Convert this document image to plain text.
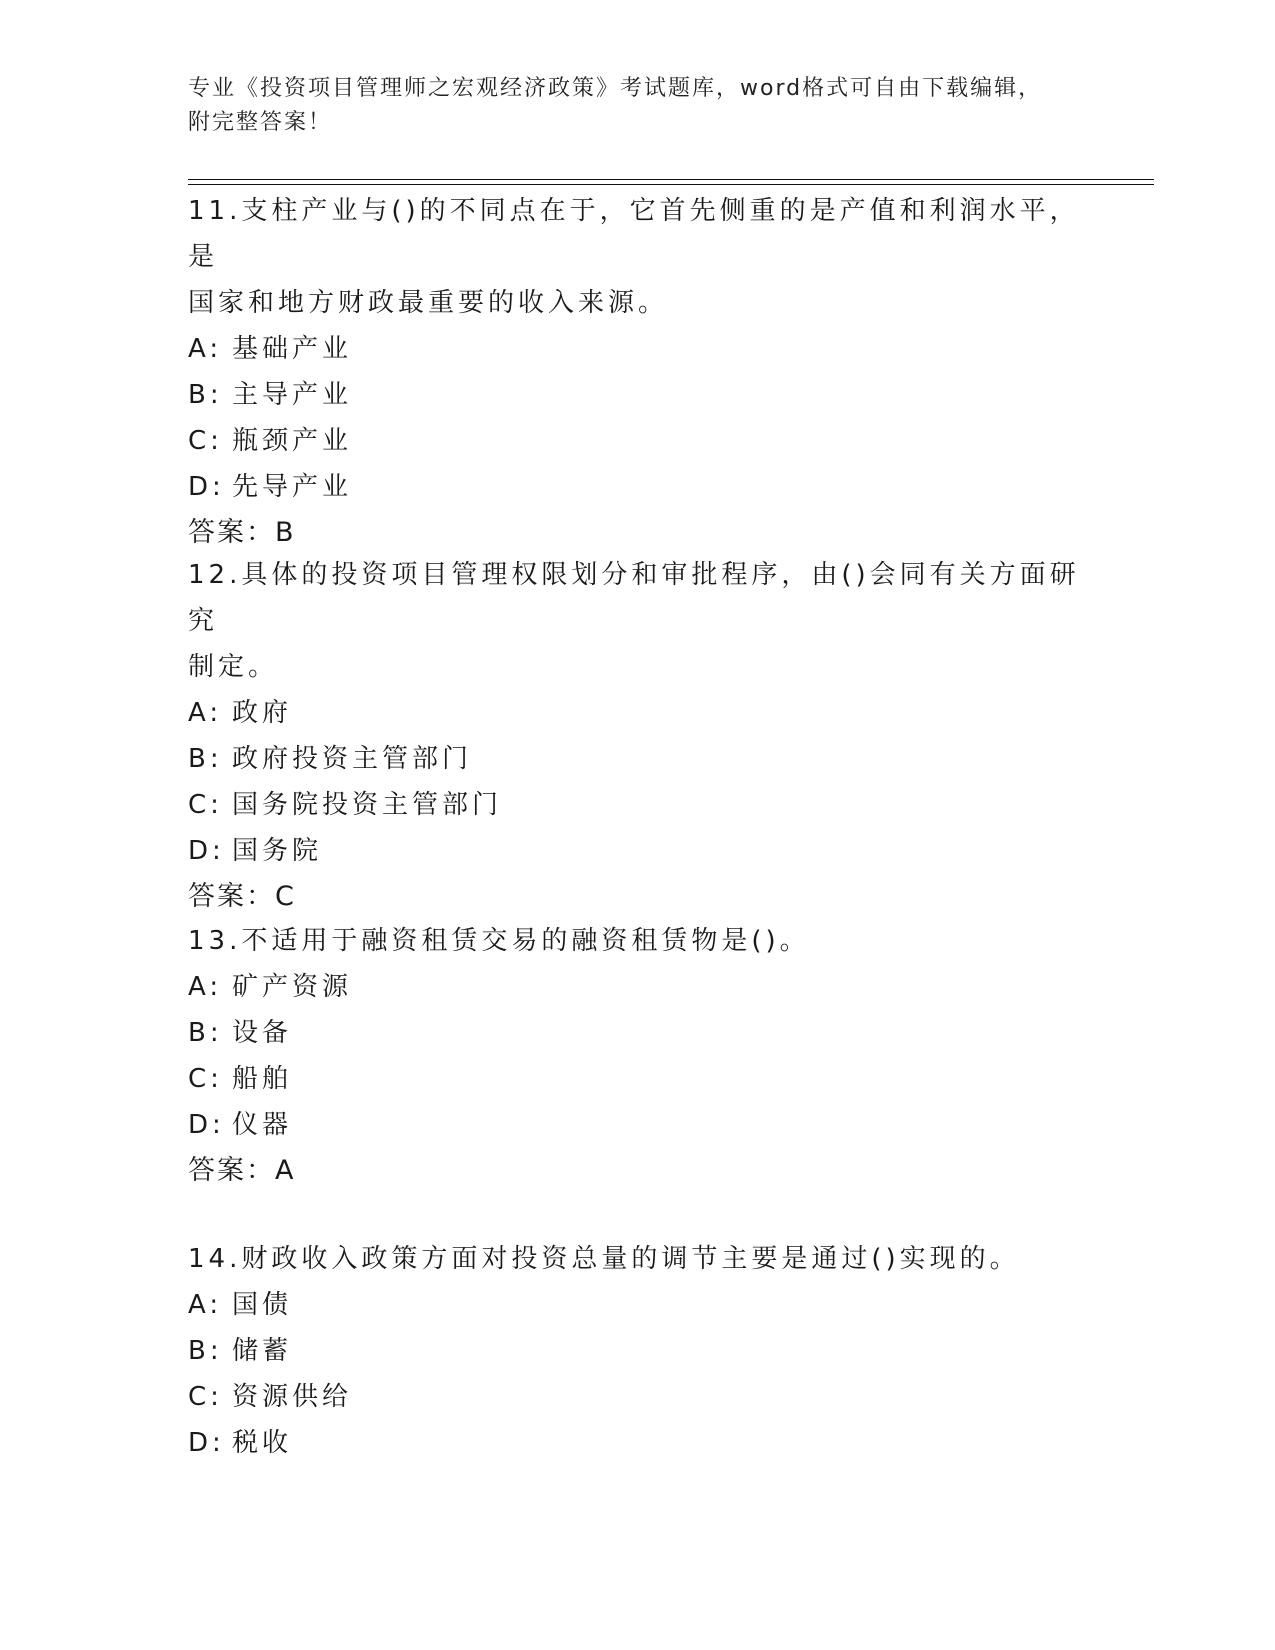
专业《投资项目管理师之宏观经济政策》考试题库，word格式可自由下载编辑，
附完整答案！

11.支柱产业与()的不同点在于，它首先侧重的是产值和利润水平，是

国家和地方财政最重要的收入来源。

A: 基础产业

B: 主导产业

C: 瓶颈产业

D: 先导产业

答案：B

12.具体的投资项目管理权限划分和审批程序，由()会同有关方面研究

制定。

A: 政府

B: 政府投资主管部门

C: 国务院投资主管部门

D: 国务院

答案：C

13.不适用于融资租赁交易的融资租赁物是()。

A: 矿产资源

B: 设备

C: 船舶

D: 仪器

答案：A

14.财政收入政策方面对投资总量的调节主要是通过()实现的。

A: 国债

B: 储蓄

C: 资源供给

D: 税收
